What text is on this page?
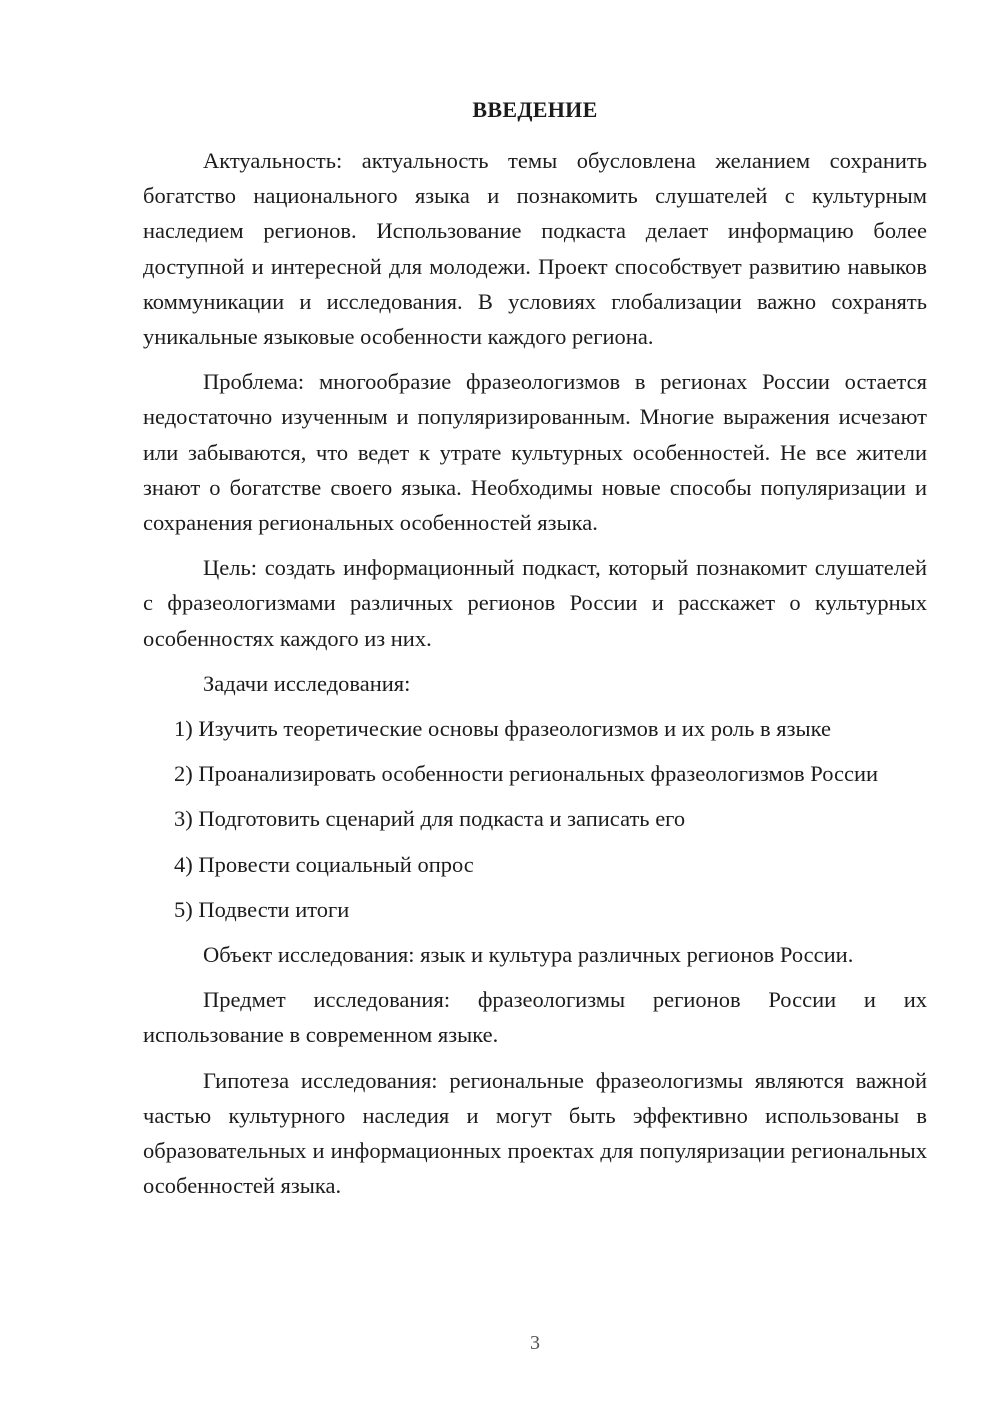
ВВЕДЕНИЕ

Актуальность: актуальность темы обусловлена желанием сохранить богатство национального языка и познакомить слушателей с культурным наследием регионов. Использование подкаста делает информацию более доступной и интересной для молодежи. Проект способствует развитию навыков коммуникации и исследования. В условиях глобализации важно сохранять уникальные языковые особенности каждого региона.

Проблема: многообразие фразеологизмов в регионах России остается недостаточно изученным и популяризированным. Многие выражения исчезают или забываются, что ведет к утрате культурных особенностей. Не все жители знают о богатстве своего языка. Необходимы новые способы популяризации и сохранения региональных особенностей языка.

Цель: создать информационный подкаст, который познакомит слушателей с фразеологизмами различных регионов России и расскажет о культурных особенностях каждого из них.

Задачи исследования:

1) Изучить теоретические основы фразеологизмов и их роль в языке

2) Проанализировать особенности региональных фразеологизмов России

3) Подготовить сценарий для подкаста и записать его

4) Провести социальный опрос

5) Подвести итоги

Объект исследования: язык и культура различных регионов России.

Предмет исследования: фразеологизмы регионов России и их использование в современном языке.

Гипотеза исследования: региональные фразеологизмы являются важной частью культурного наследия и могут быть эффективно использованы в образовательных и информационных проектах для популяризации региональных особенностей языка.

3
